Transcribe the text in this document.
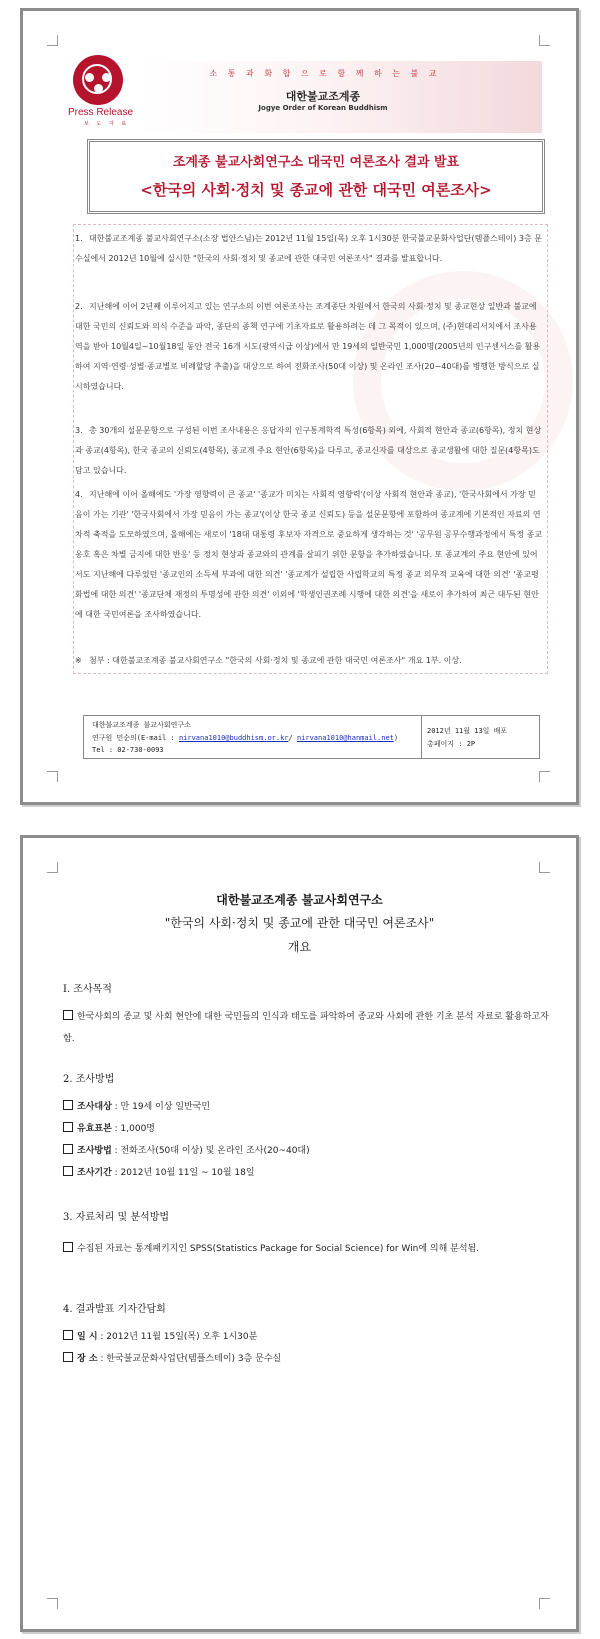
Press Release
보 도 자 료
소 통 과 화 합 으 로 함 께 하 는 불 교
대한불교조계종
Jogye Order of Korean Buddhism
조계종 불교사회연구소 대국민 여론조사 결과 발표
<한국의 사회·정치 및 종교에 관한 대국민 여론조사>
1. 대한불교조계종 불교사회연구소(소장 법안스님)는 2012년 11월 15일(목) 오후 1시30분 한국불교문화사업단(템플스테이) 3층 문수실에서 2012년 10월에 실시한 "한국의 사회·정치 및 종교에 관한 대국민 여론조사" 결과를 발표합니다.
2. 지난해에 이어 2년째 이루어지고 있는 연구소의 이번 여론조사는 조계종단 차원에서 한국의 사회·정치 및 종교현상 일반과 불교에 대한 국민의 신뢰도와 의식 수준을 파악, 종단의 종책 연구에 기초자료로 활용하려는 데 그 목적이 있으며, (주)현대리서치에서 조사용역을 받아 10월4일~10월18일 동안 전국 16개 시도(광역시급 이상)에서 만 19세의 일반국민 1,000명(2005년의 인구센서스를 활용하여 지역·연령·성별·종교별로 비례할당 추출)을 대상으로 하여 전화조사(50대 이상) 및 온라인 조사(20~40대)를 병행한 방식으로 실시하였습니다.
3. 총 30개의 설문문항으로 구성된 이번 조사내용은 응답자의 인구통계학적 특성(6항목) 외에, 사회적 현안과 종교(6항목), 정치 현상과 종교(4항목), 한국 종교의 신뢰도(4항목), 종교계 주요 현안(6항목)을 다루고, 종교신자를 대상으로 종교생활에 대한 질문(4항목)도 담고 있습니다.
4. 지난해에 이어 올해에도 '가장 영향력이 큰 종교' '종교가 미치는 사회적 영향력'(이상 사회적 현안과 종교), '한국사회에서 가장 믿음이 가는 기관' '한국사회에서 가장 믿음이 가는 종교'(이상 한국 종교 신뢰도) 등을 설문문항에 포함하여 종교계에 기본적인 자료의 연차적 축적을 도모하였으며, 올해에는 새로이 '18대 대통령 후보자 자격으로 중요하게 생각하는 것' '공무원 공무수행과정에서 특정 종교 옹호 혹은 차별 금지에 대한 반응' 등 정치 현상과 종교와의 관계를 살피기 위한 문항을 추가하였습니다. 또 종교계의 주요 현안에 있어서도 지난해에 다루었던 '종교인의 소득세 부과에 대한 의견' '종교계가 설립한 사립학교의 특정 종교 의무적 교육에 대한 의견' '종교평화법에 대한 의견' '종교단체 재정의 투명성에 관한 의견' 이외에 '학생인권조례 시행에 대한 의견'을 새로이 추가하여 최근 대두된 현안에 대한 국민여론을 조사하였습니다.
※ 첨부 : 대한불교조계종 불교사회연구소 "한국의 사회·정치 및 종교에 관한 대국민 여론조사" 개요 1부. 이상.
대한불교조계종 불교사회연구소
연구원 민순의(E-mail : nirvana1010@buddhism.or.kr/ nirvana1010@hanmail.net)
Tel : 02-730-0093
2012년 11월 13일 배포
총페이지 : 2P
대한불교조계종 불교사회연구소
"한국의 사회·정치 및 종교에 관한 대국민 여론조사"
개요
I. 조사목적
한국사회의 종교 및 사회 현안에 대한 국민들의 인식과 태도를 파악하여 종교와 사회에 관한 기초 분석 자료로 활용하고자 함.
2. 조사방법
조사대상 : 만 19세 이상 일반국민
유효표본 : 1,000명
조사방법 : 전화조사(50대 이상) 및 온라인 조사(20~40대)
조사기간 : 2012년 10월 11일 ~ 10월 18일
3. 자료처리 및 분석방법
수집된 자료는 통계패키지인 SPSS(Statistics Package for Social Science) for Win에 의해 분석됨.
4. 결과발표 기자간담회
일 시 : 2012년 11월 15일(목) 오후 1시30분
장 소 : 한국불교문화사업단(템플스테이) 3층 문수실
